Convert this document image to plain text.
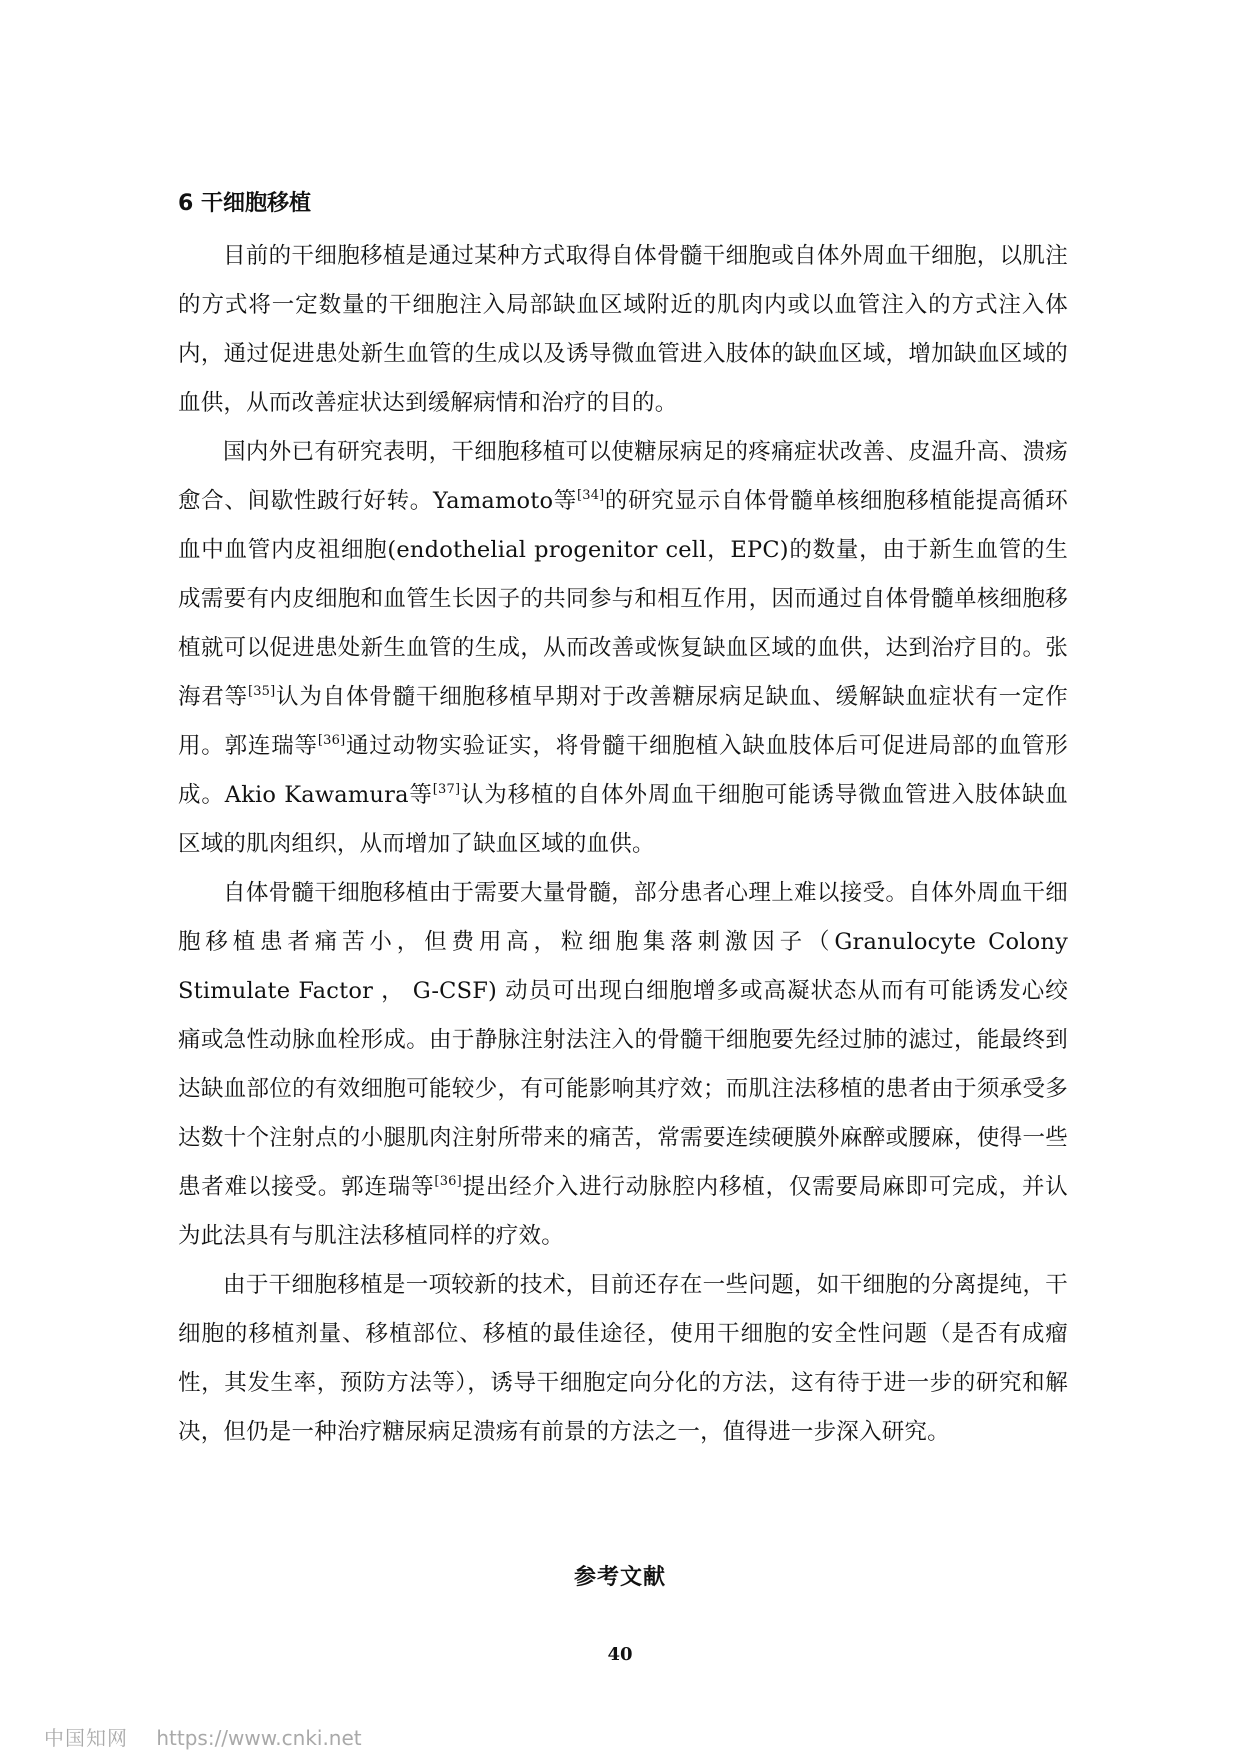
6 干细胞移植

目前的干细胞移植是通过某种方式取得自体骨髓干细胞或自体外周血干细胞，以肌注的方式将一定数量的干细胞注入局部缺血区域附近的肌肉内或以血管注入的方式注入体内，通过促进患处新生血管的生成以及诱导微血管进入肢体的缺血区域，增加缺血区域的血供，从而改善症状达到缓解病情和治疗的目的。

国内外已有研究表明，干细胞移植可以使糖尿病足的疼痛症状改善、皮温升高、溃疡愈合、间歇性跛行好转。Yamamoto等[34]的研究显示自体骨髓单核细胞移植能提高循环血中血管内皮祖细胞(endothelial progenitor cell，EPC)的数量，由于新生血管的生成需要有内皮细胞和血管生长因子的共同参与和相互作用，因而通过自体骨髓单核细胞移植就可以促进患处新生血管的生成，从而改善或恢复缺血区域的血供，达到治疗目的。张海君等[35]认为自体骨髓干细胞移植早期对于改善糖尿病足缺血、缓解缺血症状有一定作用。郭连瑞等[36]通过动物实验证实，将骨髓干细胞植入缺血肢体后可促进局部的血管形成。Akio Kawamura等[37]认为移植的自体外周血干细胞可能诱导微血管进入肢体缺血区域的肌肉组织，从而增加了缺血区域的血供。

自体骨髓干细胞移植由于需要大量骨髓，部分患者心理上难以接受。自体外周血干细胞移植患者痛苦小，但费用高，粒细胞集落刺激因子（Granulocyte Colony Stimulate Factor ， G-CSF) 动员可出现白细胞增多或高凝状态从而有可能诱发心绞痛或急性动脉血栓形成。由于静脉注射法注入的骨髓干细胞要先经过肺的滤过，能最终到达缺血部位的有效细胞可能较少，有可能影响其疗效；而肌注法移植的患者由于须承受多达数十个注射点的小腿肌肉注射所带来的痛苦，常需要连续硬膜外麻醉或腰麻，使得一些患者难以接受。郭连瑞等[36]提出经介入进行动脉腔内移植，仅需要局麻即可完成，并认为此法具有与肌注法移植同样的疗效。

由于干细胞移植是一项较新的技术，目前还存在一些问题，如干细胞的分离提纯，干细胞的移植剂量、移植部位、移植的最佳途径，使用干细胞的安全性问题（是否有成瘤性，其发生率，预防方法等），诱导干细胞定向分化的方法，这有待于进一步的研究和解决，但仍是一种治疗糖尿病足溃疡有前景的方法之一，值得进一步深入研究。

参考文献
40
中国知网 https://www.cnki.net
